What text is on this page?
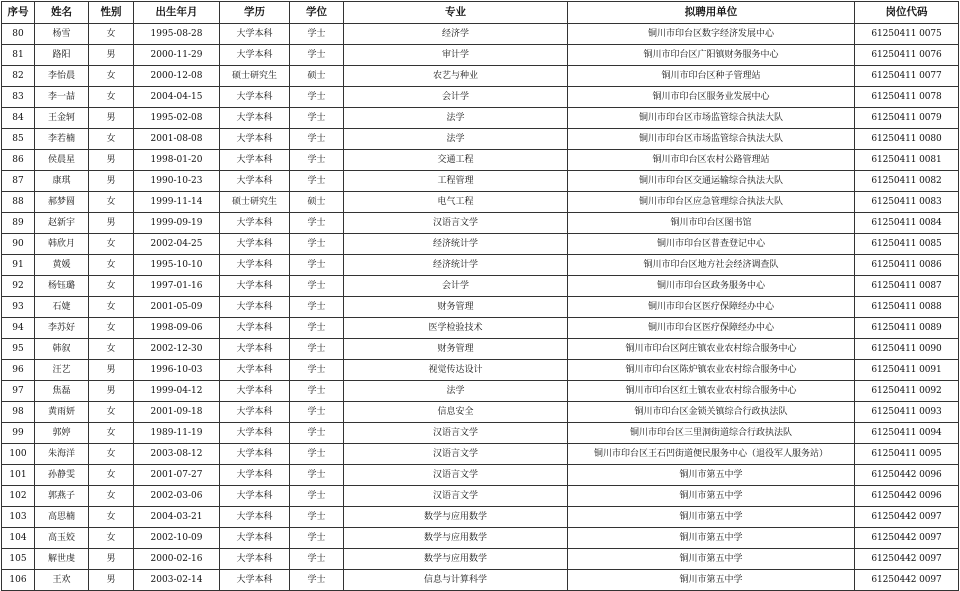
序号	姓名	性别	出生年月	学历	学位	专业	拟聘用单位	岗位代码
80	杨雪	女	1995-08-28	大学本科	学士	经济学	铜川市印台区数字经济发展中心	61250411 0075
81	路阳	男	2000-11-29	大学本科	学士	审计学	铜川市印台区广阳镇财务服务中心	61250411 0076
82	李怡晨	女	2000-12-08	硕士研究生	硕士	农艺与种业	铜川市印台区种子管理站	61250411 0077
83	李一喆	女	2004-04-15	大学本科	学士	会计学	铜川市印台区服务业发展中心	61250411 0078
84	王金轲	男	1995-02-08	大学本科	学士	法学	铜川市印台区市场监管综合执法大队	61250411 0079
85	李若楠	女	2001-08-08	大学本科	学士	法学	铜川市印台区市场监管综合执法大队	61250411 0080
86	侯晨星	男	1998-01-20	大学本科	学士	交通工程	铜川市印台区农村公路管理站	61250411 0081
87	康琪	男	1990-10-23	大学本科	学士	工程管理	铜川市印台区交通运输综合执法大队	61250411 0082
88	郝梦圆	女	1999-11-14	硕士研究生	硕士	电气工程	铜川市印台区应急管理综合执法大队	61250411 0083
89	赵新宇	男	1999-09-19	大学本科	学士	汉语言文学	铜川市印台区图书馆	61250411 0084
90	韩欣月	女	2002-04-25	大学本科	学士	经济统计学	铜川市印台区普查登记中心	61250411 0085
91	黄媛	女	1995-10-10	大学本科	学士	经济统计学	铜川市印台区地方社会经济调查队	61250411 0086
92	杨钰璐	女	1997-01-16	大学本科	学士	会计学	铜川市印台区政务服务中心	61250411 0087
93	石婕	女	2001-05-09	大学本科	学士	财务管理	铜川市印台区医疗保障经办中心	61250411 0088
94	李苏好	女	1998-09-06	大学本科	学士	医学检验技术	铜川市印台区医疗保障经办中心	61250411 0089
95	韩叙	女	2002-12-30	大学本科	学士	财务管理	铜川市印台区阿庄镇农业农村综合服务中心	61250411 0090
96	汪艺	男	1996-10-03	大学本科	学士	视觉传达设计	铜川市印台区陈炉镇农业农村综合服务中心	61250411 0091
97	焦磊	男	1999-04-12	大学本科	学士	法学	铜川市印台区红土镇农业农村综合服务中心	61250411 0092
98	黄雨妍	女	2001-09-18	大学本科	学士	信息安全	铜川市印台区金锁关镇综合行政执法队	61250411 0093
99	郭婷	女	1989-11-19	大学本科	学士	汉语言文学	铜川市印台区三里洞街道综合行政执法队	61250411 0094
100	朱海洋	女	2003-08-12	大学本科	学士	汉语言文学	铜川市印台区王石凹街道便民服务中心（退役军人服务站）	61250411 0095
101	孙静雯	女	2001-07-27	大学本科	学士	汉语言文学	铜川市第五中学	61250442 0096
102	郭燕子	女	2002-03-06	大学本科	学士	汉语言文学	铜川市第五中学	61250442 0096
103	高思楠	女	2004-03-21	大学本科	学士	数学与应用数学	铜川市第五中学	61250442 0097
104	高玉姣	女	2002-10-09	大学本科	学士	数学与应用数学	铜川市第五中学	61250442 0097
105	解世虔	男	2000-02-16	大学本科	学士	数学与应用数学	铜川市第五中学	61250442 0097
106	王欢	男	2003-02-14	大学本科	学士	信息与计算科学	铜川市第五中学	61250442 0097
